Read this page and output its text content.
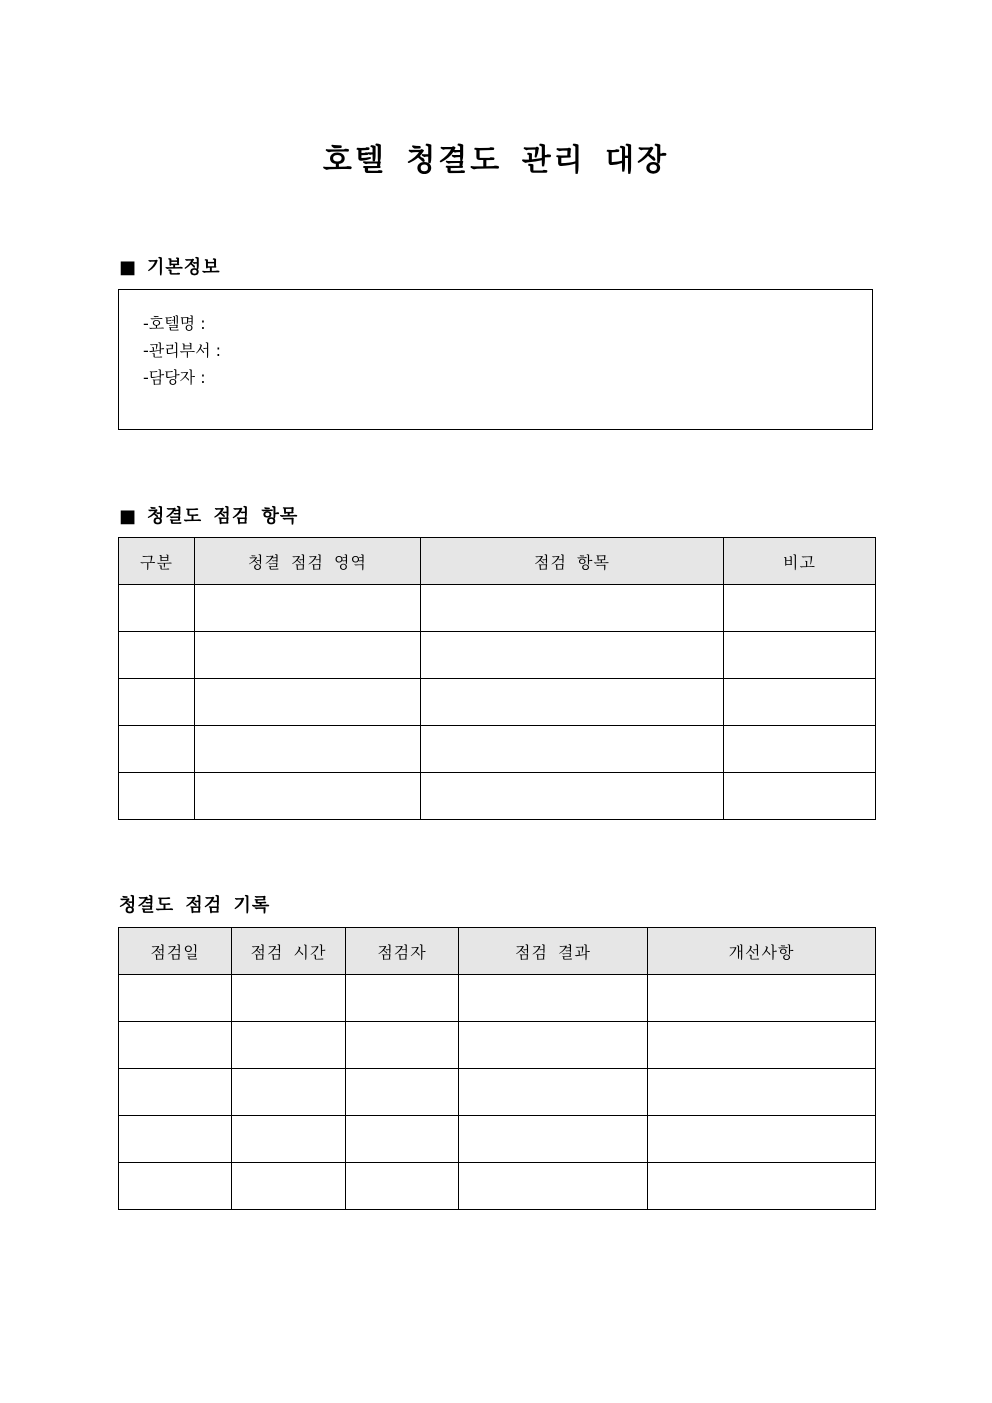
호텔 청결도 관리 대장
■ 기본정보
-호텔명 :
-관리부서 :
-담당자 :
■ 청결도 점검 항목
구분	청결 점검 영역	점검 항목	비고

청결도 점검 기록
점검일	점검 시간	점검자	점검 결과	개선사항
